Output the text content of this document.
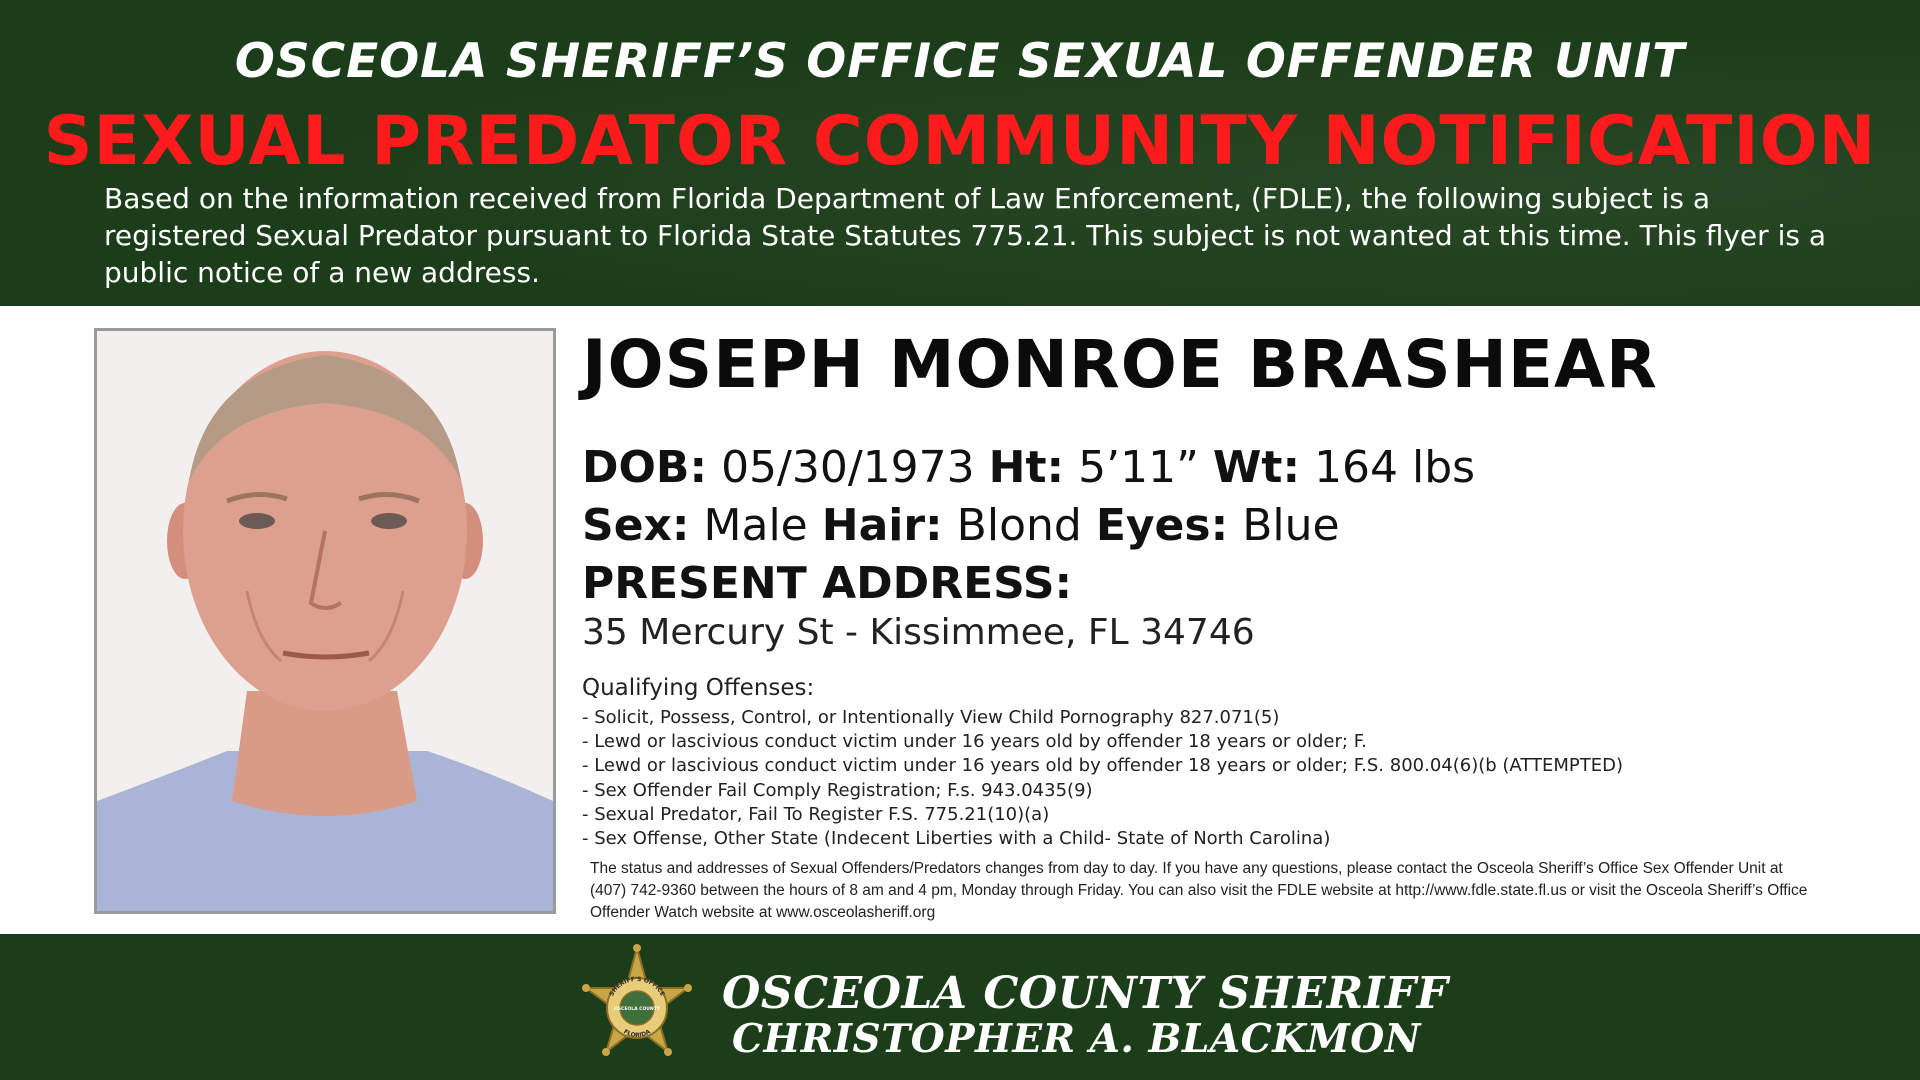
OSCEOLA SHERIFF’S OFFICE SEXUAL OFFENDER UNIT
SEXUAL PREDATOR COMMUNITY NOTIFICATION
Based on the information received from Florida Department of Law Enforcement, (FDLE), the following subject is a registered Sexual Predator pursuant to Florida State Statutes 775.21. This subject is not wanted at this time. This flyer is a public notice of a new address.
JOSEPH MONROE BRASHEAR
DOB: 05/30/1973 Ht: 5’11” Wt: 164 lbs
Sex: Male Hair: Blond Eyes: Blue
PRESENT ADDRESS:
35 Mercury St - Kissimmee, FL 34746
Qualifying Offenses:
- Solicit, Possess, Control, or Intentionally View Child Pornography 827.071(5)
- Lewd or lascivious conduct victim under 16 years old by offender 18 years or older; F.
- Lewd or lascivious conduct victim under 16 years old by offender 18 years or older; F.S. 800.04(6)(b (ATTEMPTED)
- Sex Offender Fail Comply Registration; F.s. 943.0435(9)
- Sexual Predator, Fail To Register F.S. 775.21(10)(a)
- Sex Offense, Other State (Indecent Liberties with a Child- State of North Carolina)
The status and addresses of Sexual Offenders/Predators changes from day to day. If you have any questions, please contact the Osceola Sheriff’s Office Sex Offender Unit at (407) 742-9360 between the hours of 8 am and 4 pm, Monday through Friday. You can also visit the FDLE website at http://www.fdle.state.fl.us or visit the Osceola Sheriff’s Office Offender Watch website at www.osceolasheriff.org
SHERIFF'S OFFICE
OSCEOLA COUNTY
FLORIDA
OSCEOLA COUNTY SHERIFF
CHRISTOPHER A. BLACKMON
